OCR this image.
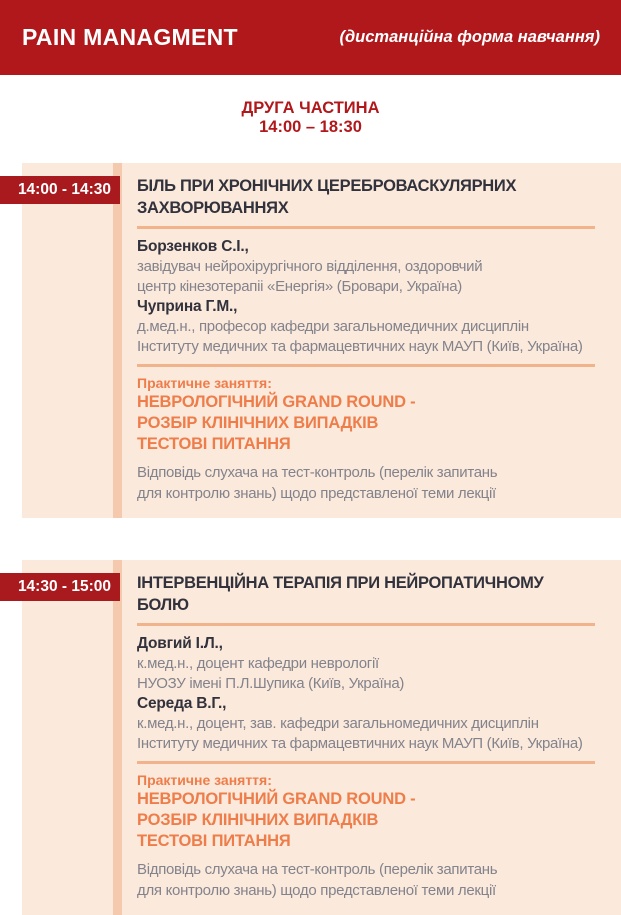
PAIN MANAGMENT	(дистанційна форма навчання)
ДРУГА ЧАСТИНА
14:00 – 18:30
14:00 - 14:30	БІЛЬ ПРИ ХРОНІЧНИХ ЦЕРЕБРОВАСКУЛЯРНИХ ЗАХВОРЮВАННЯХ
Борзенков С.І.,
завідувач нейрохірургічного відділення, оздоровчий
центр кінезотерапіі «Енергія» (Бровари, Україна)
Чуприна Г.М.,
д.мед.н., професор кафедри загальномедичних дисциплін
Інституту медичних та фармацевтичних наук МАУП (Київ, Україна)
Практичне заняття:
НЕВРОЛОГІЧНИЙ GRAND ROUND -
РОЗБІР КЛІНІЧНИХ ВИПАДКІВ
ТЕСТОВІ ПИТАННЯ
Відповідь слухача на тест-контроль (перелік запитань
для контролю знань) щодо представленої теми лекції
14:30 - 15:00	ІНТЕРВЕНЦІЙНА ТЕРАПІЯ ПРИ НЕЙРОПАТИЧНОМУ БОЛЮ
Довгий І.Л.,
к.мед.н., доцент кафедри неврології
НУОЗУ імені П.Л.Шупика (Київ, Україна)
Середа В.Г.,
к.мед.н., доцент, зав. кафедри загальномедичних дисциплін
Інституту медичних та фармацевтичних наук МАУП (Київ, Україна)
Практичне заняття:
НЕВРОЛОГІЧНИЙ GRAND ROUND -
РОЗБІР КЛІНІЧНИХ ВИПАДКІВ
ТЕСТОВІ ПИТАННЯ
Відповідь слухача на тест-контроль (перелік запитань
для контролю знань) щодо представленої теми лекції
